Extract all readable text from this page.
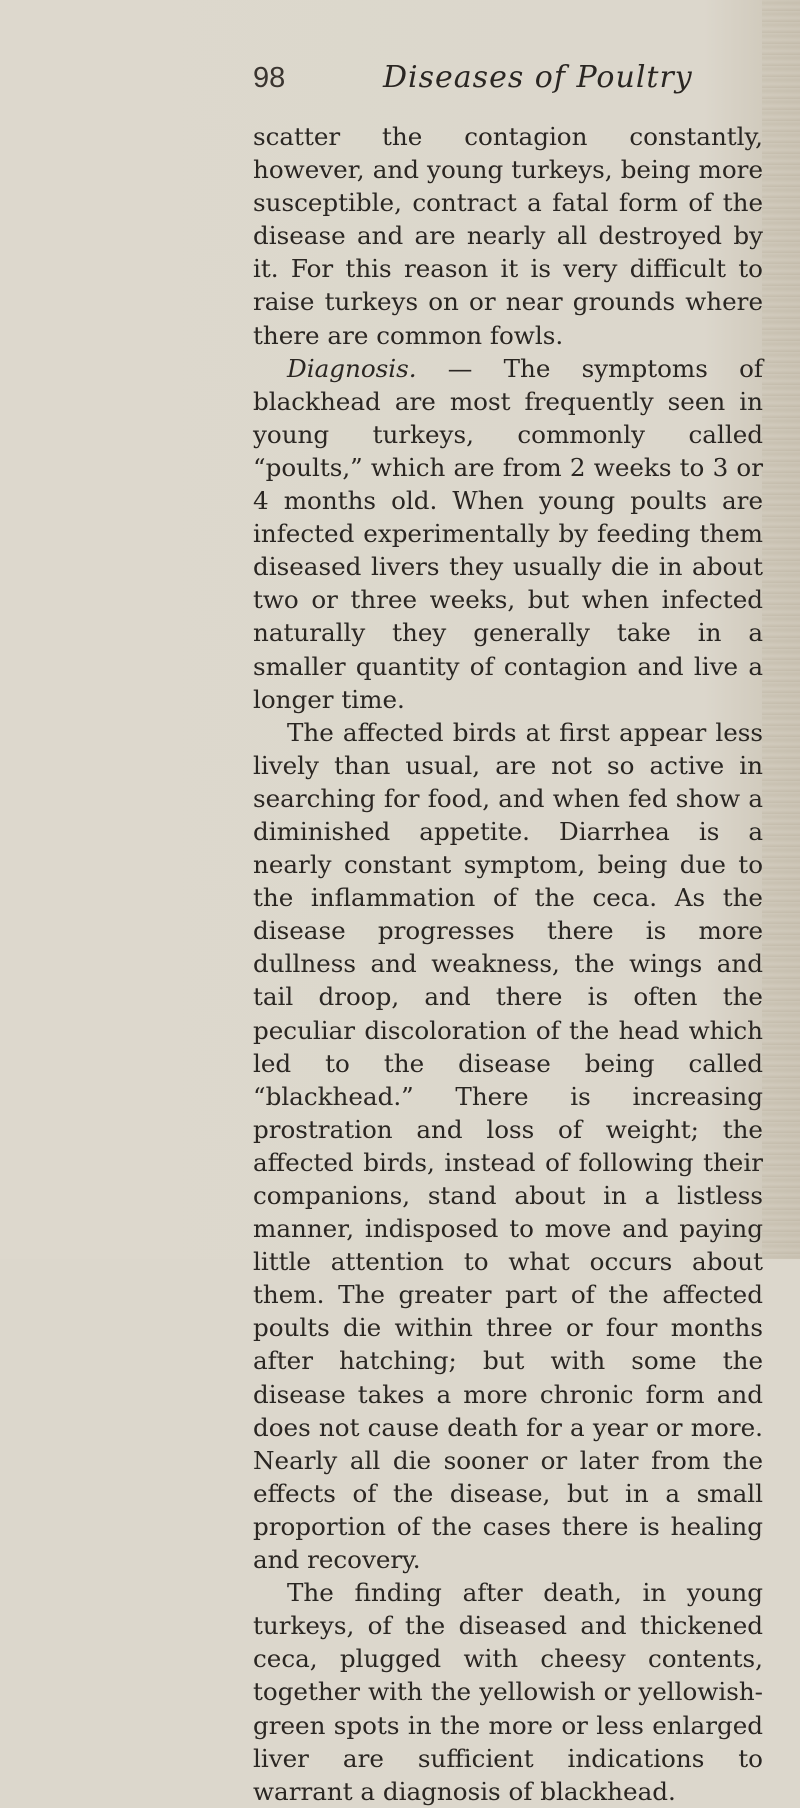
98	Diseases of Poultry

scatter the contagion constantly, however, and young turkeys, being more susceptible, contract a fatal form of the disease and are nearly all destroyed by it. For this reason it is very difficult to raise turkeys on or near grounds where there are common fowls.

Diagnosis. — The symptoms of blackhead are most frequently seen in young turkeys, commonly called “poults,” which are from 2 weeks to 3 or 4 months old. When young poults are infected experimentally by feeding them diseased livers they usually die in about two or three weeks, but when infected naturally they generally take in a smaller quantity of contagion and live a longer time.

The affected birds at first appear less lively than usual, are not so active in searching for food, and when fed show a diminished appetite. Diarrhea is a nearly constant symptom, being due to the inflammation of the ceca. As the disease progresses there is more dullness and weakness, the wings and tail droop, and there is often the peculiar discoloration of the head which led to the disease being called “blackhead.” There is increasing prostration and loss of weight; the affected birds, instead of following their companions, stand about in a listless manner, indisposed to move and paying little attention to what occurs about them. The greater part of the affected poults die within three or four months after hatching; but with some the disease takes a more chronic form and does not cause death for a year or more. Nearly all die sooner or later from the effects of the disease, but in a small proportion of the cases there is healing and recovery.

The finding after death, in young turkeys, of the diseased and thickened ceca, plugged with cheesy contents, together with the yellowish or yellowish-green spots in the more or less enlarged liver are sufficient indications to warrant a diagnosis of blackhead.
